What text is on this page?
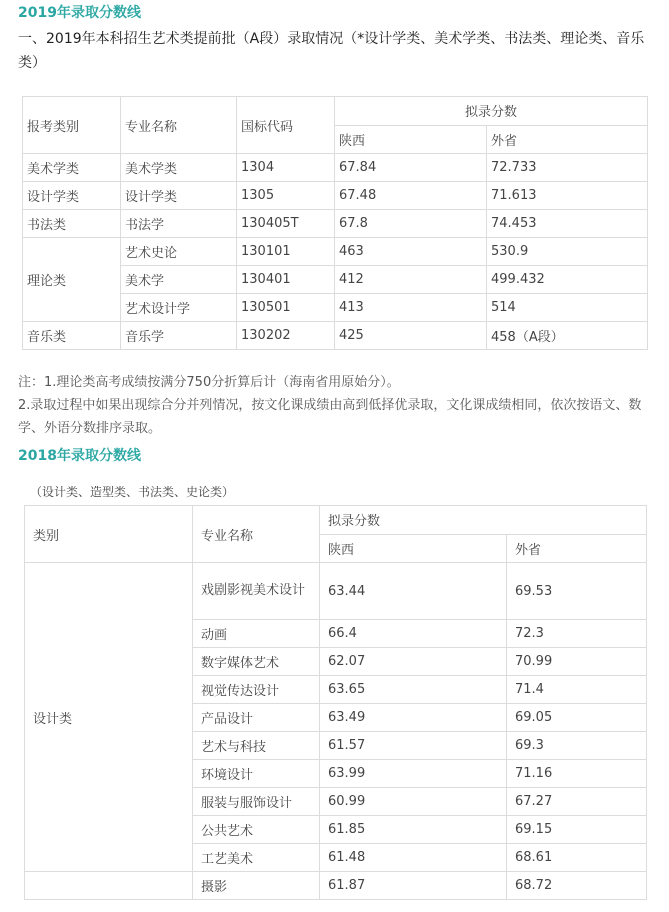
2019年录取分数线
一、2019年本科招生艺术类提前批（A段）录取情况（*设计学类、美术学类、书法类、理论类、音乐类）
报考类别	专业名称	国标代码	拟录分数	
			陕西	外省
美术学类	美术学类	1304	67.84	72.733
设计学类	设计学类	1305	67.48	71.613
书法类	书法学	130405T	67.8	74.453
理论类	艺术史论	130101	463	530.9
	美术学	130401	412	499.432
	艺术设计学	130501	413	514
音乐类	音乐学	130202	425	458（A段）
注：1.理论类高考成绩按满分750分折算后计（海南省用原始分）。
2.录取过程中如果出现综合分并列情况，按文化课成绩由高到低择优录取，文化课成绩相同，依次按语文、数学、外语分数排序录取。
2018年录取分数线
（设计类、造型类、书法类、史论类）
类别	专业名称	拟录分数	
		陕西	外省
设计类	戏剧影视美术设计	63.44	69.53
	动画	66.4	72.3
	数字媒体艺术	62.07	70.99
	视觉传达设计	63.65	71.4
	产品设计	63.49	69.05
	艺术与科技	61.57	69.3
	环境设计	63.99	71.16
	服装与服饰设计	60.99	67.27
	公共艺术	61.85	69.15
	工艺美术	61.48	68.61
	摄影	61.87	68.72
